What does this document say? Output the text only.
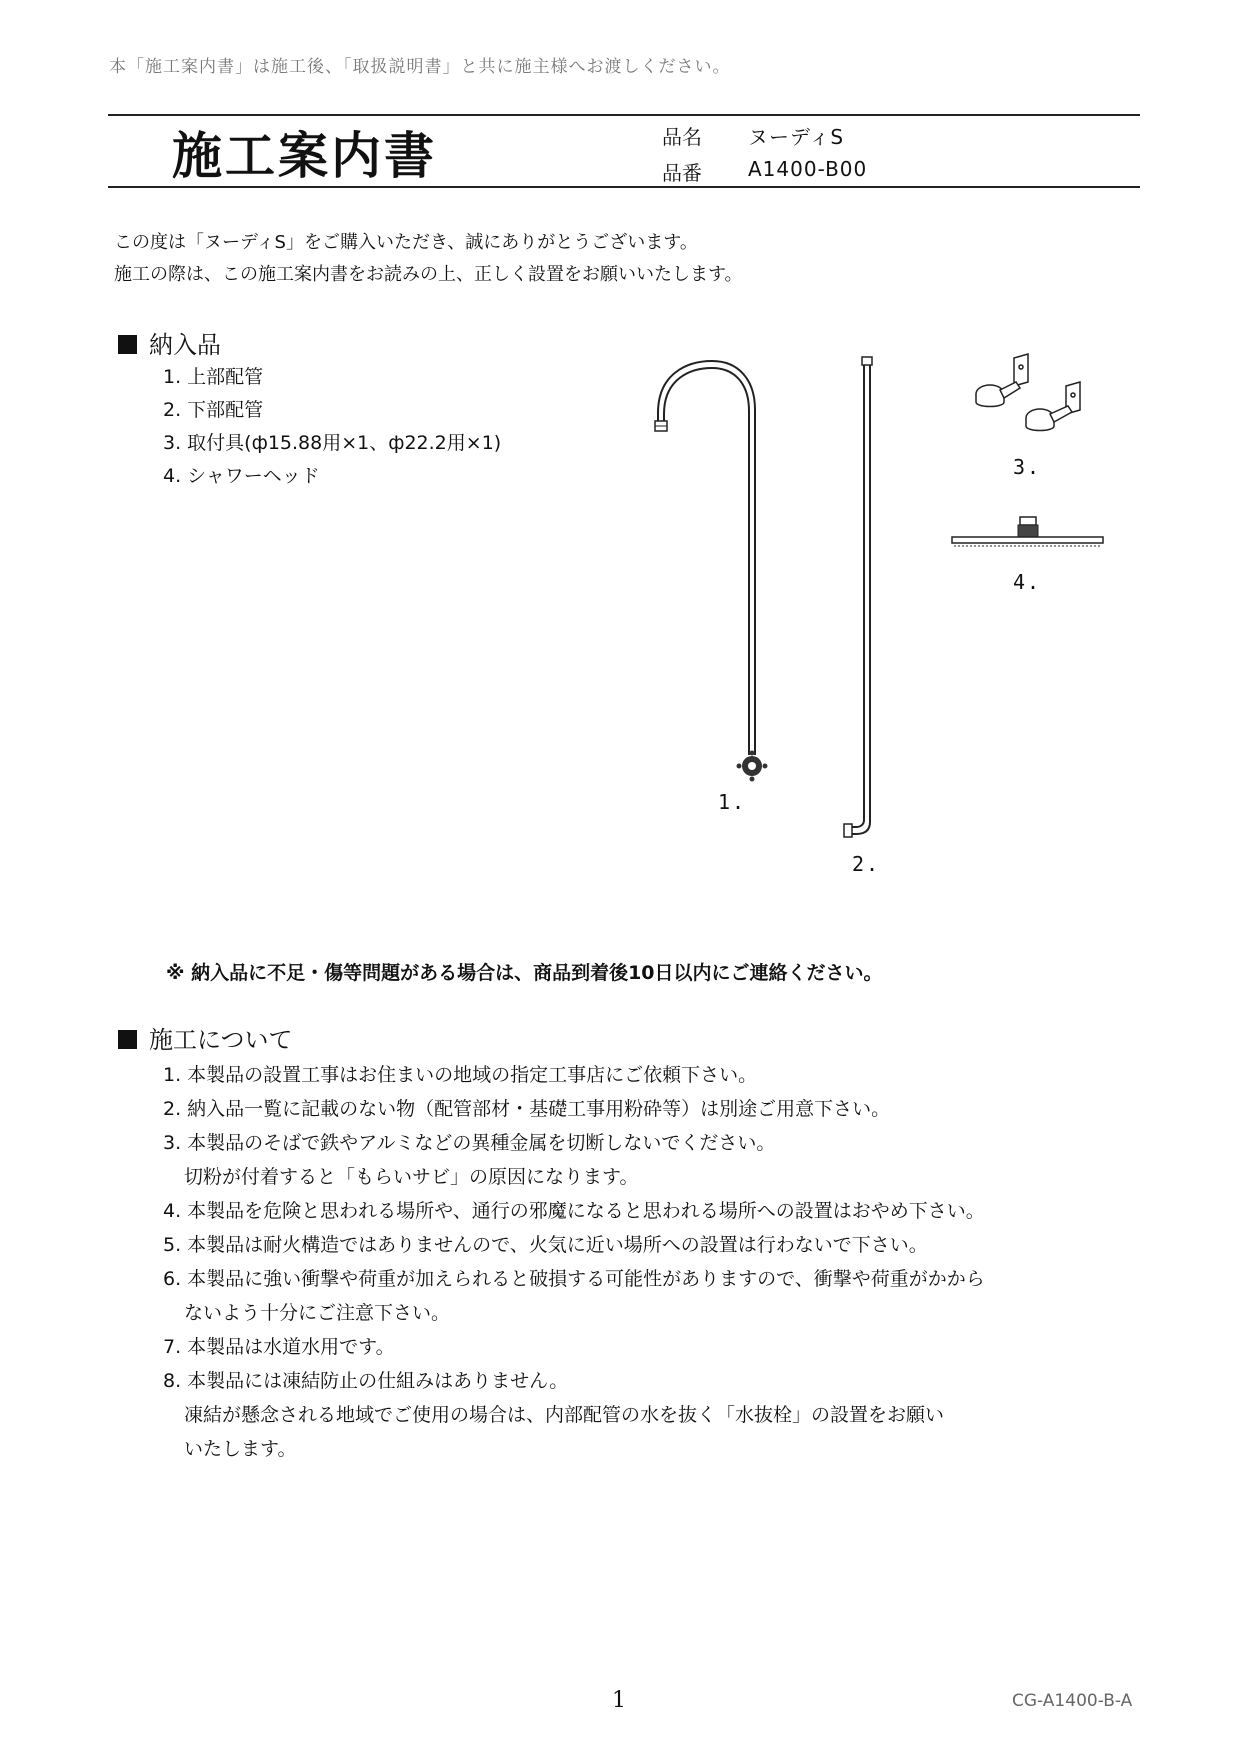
本「施工案内書」は施工後、「取扱説明書」と共に施主様へお渡しください。
施工案内書	品名 ヌーディS
品番 A1400-B00
この度は「ヌーディS」をご購入いただき、誠にありがとうございます。
施工の際は、この施工案内書をお読みの上、正しく設置をお願いいたします。
納入品
1. 上部配管
2. 下部配管
3. 取付具(ф15.88用×1、ф22.2用×1)
4. シャワーヘッド
1.
2.
3.
4.
※ 納入品に不足・傷等問題がある場合は、商品到着後10日以内にご連絡ください。
施工について
1. 本製品の設置工事はお住まいの地域の指定工事店にご依頼下さい。
2. 納入品一覧に記載のない物（配管部材・基礎工事用粉砕等）は別途ご用意下さい。
3. 本製品のそばで鉄やアルミなどの異種金属を切断しないでください。
切粉が付着すると「もらいサビ」の原因になります。
4. 本製品を危険と思われる場所や、通行の邪魔になると思われる場所への設置はおやめ下さい。
5. 本製品は耐火構造ではありませんので、火気に近い場所への設置は行わないで下さい。
6. 本製品に強い衝撃や荷重が加えられると破損する可能性がありますので、衝撃や荷重がかから
ないよう十分にご注意下さい。
7. 本製品は水道水用です。
8. 本製品には凍結防止の仕組みはありません。
凍結が懸念される地域でご使用の場合は、内部配管の水を抜く「水抜栓」の設置をお願い
いたします。
1	CG-A1400-B-A
